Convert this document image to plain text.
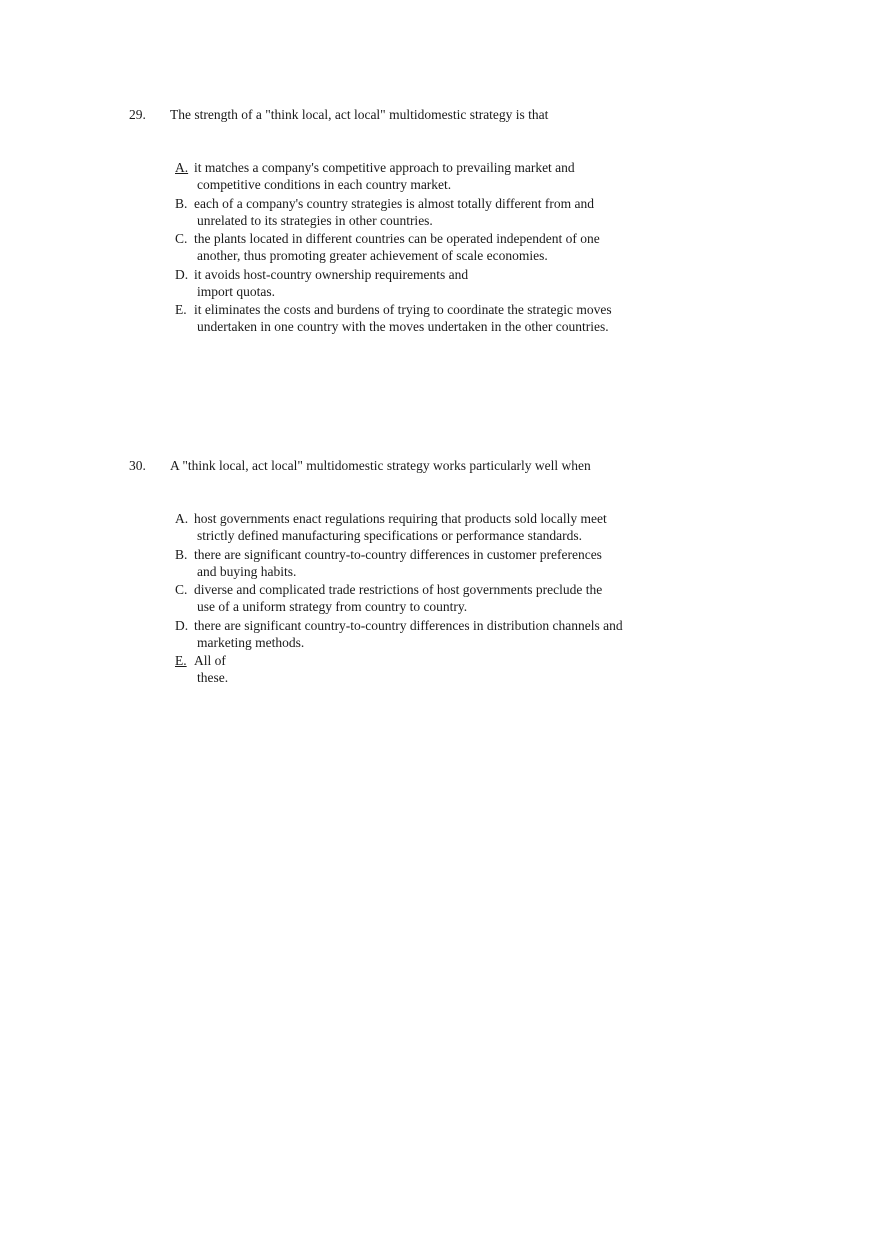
29. The strength of a "think local, act local" multidomestic strategy is that
A. it matches a company's competitive approach to prevailing market and
competitive conditions in each country market.
B. each of a company's country strategies is almost totally different from and
unrelated to its strategies in other countries.
C. the plants located in different countries can be operated independent of one
another, thus promoting greater achievement of scale economies.
D. it avoids host-country ownership requirements and
import quotas.
E. it eliminates the costs and burdens of trying to coordinate the strategic moves
undertaken in one country with the moves undertaken in the other countries.
30. A "think local, act local" multidomestic strategy works particularly well when
A. host governments enact regulations requiring that products sold locally meet
strictly defined manufacturing specifications or performance standards.
B. there are significant country-to-country differences in customer preferences
and buying habits.
C. diverse and complicated trade restrictions of host governments preclude the
use of a uniform strategy from country to country.
D. there are significant country-to-country differences in distribution channels and
marketing methods.
E. All of
these.
